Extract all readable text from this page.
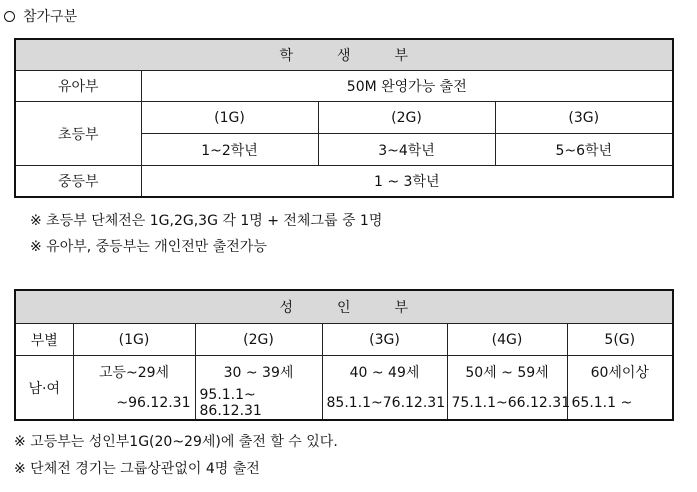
참가구분
학　　　생　　　부			
유아부	50M 완영가능 출전		
초등부	(1G)	(2G)	(3G)
	1~2학년	3~4학년	5~6학년
중등부	1 ~ 3학년		
※ 초등부 단체전은 1G,2G,3G 각 1명 + 전체그룹 중 1명
※ 유아부, 중등부는 개인전만 출전가능
성　　　인　　　부					
부별	(1G)	(2G)	(3G)	(4G)	5(G)
남·여	고등~29세	30 ~ 39세	40 ~ 49세	50세 ~ 59세	60세이상
	~96.12.31	95.1.1~ 86.12.31	85.1.1~76.12.31	75.1.1~66.12.31	65.1.1 ~
※ 고등부는 성인부1G(20~29세)에 출전 할 수 있다.
※ 단체전 경기는 그룹상관없이 4명 출전
